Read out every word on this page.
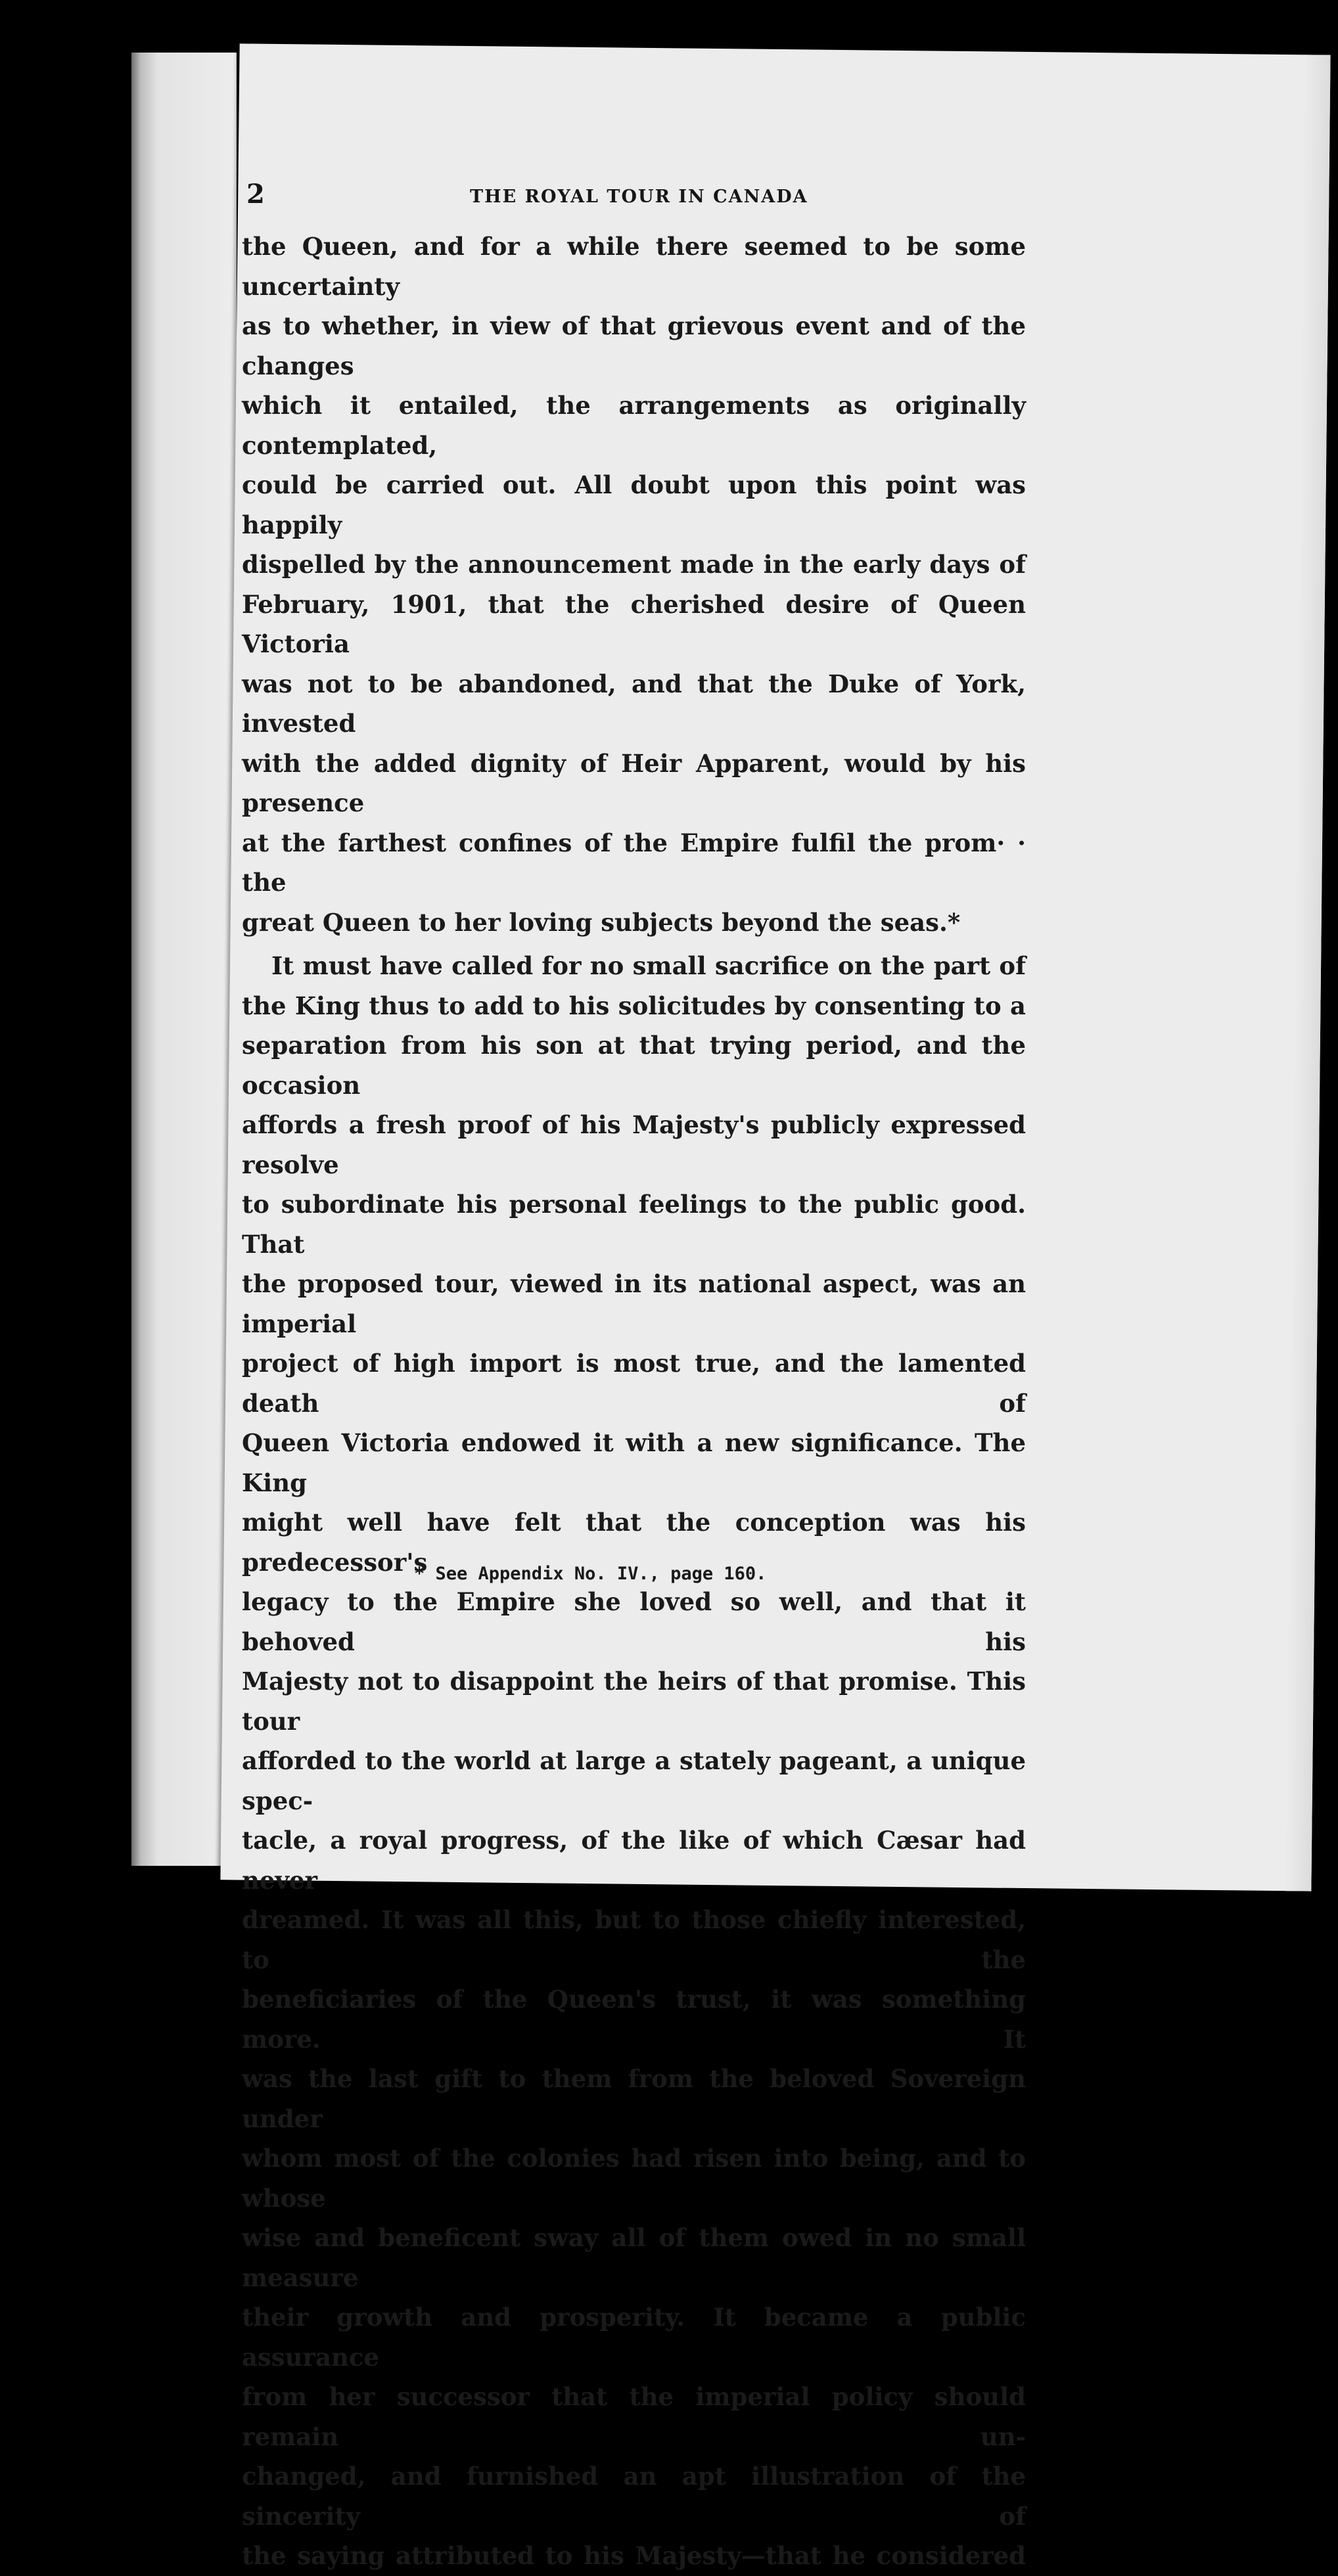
2	THE ROYAL TOUR IN CANADA

the Queen, and for a while there seemed to be some uncertainty

as to whether, in view of that grievous event and of the changes

which it entailed, the arrangements as originally contemplated,

could be carried out. All doubt upon this point was happily

dispelled by the announcement made in the early days of

February, 1901, that the cherished desire of Queen Victoria

was not to be abandoned, and that the Duke of York, invested

with the added dignity of Heir Apparent, would by his presence

at the farthest confines of the Empire fulfil the prom· · the

great Queen to her loving subjects beyond the seas.*

It must have called for no small sacrifice on the part of

the King thus to add to his solicitudes by consenting to a

separation from his son at that trying period, and the occasion

affords a fresh proof of his Majesty's publicly expressed resolve

to subordinate his personal feelings to the public good. That

the proposed tour, viewed in its national aspect, was an imperial

project of high import is most true, and the lamented death of

Queen Victoria endowed it with a new significance. The King

might well have felt that the conception was his predecessor's

legacy to the Empire she loved so well, and that it behoved his

Majesty not to disappoint the heirs of that promise. This tour

afforded to the world at large a stately pageant, a unique spec-

tacle, a royal progress, of the like of which Cæsar had never

dreamed. It was all this, but to those chiefly interested, to the

beneficiaries of the Queen's trust, it was something more. It

was the last gift to them from the beloved Sovereign under

whom most of the colonies had risen into being, and to whose

wise and beneficent sway all of them owed in no small measure

their growth and prosperity. It became a public assurance

from her successor that the imperial policy should remain un-

changed, and furnished an apt illustration of the sincerity of

the saying attributed to his Majesty—that he considered

* See Appendix No. IV., page 160.
